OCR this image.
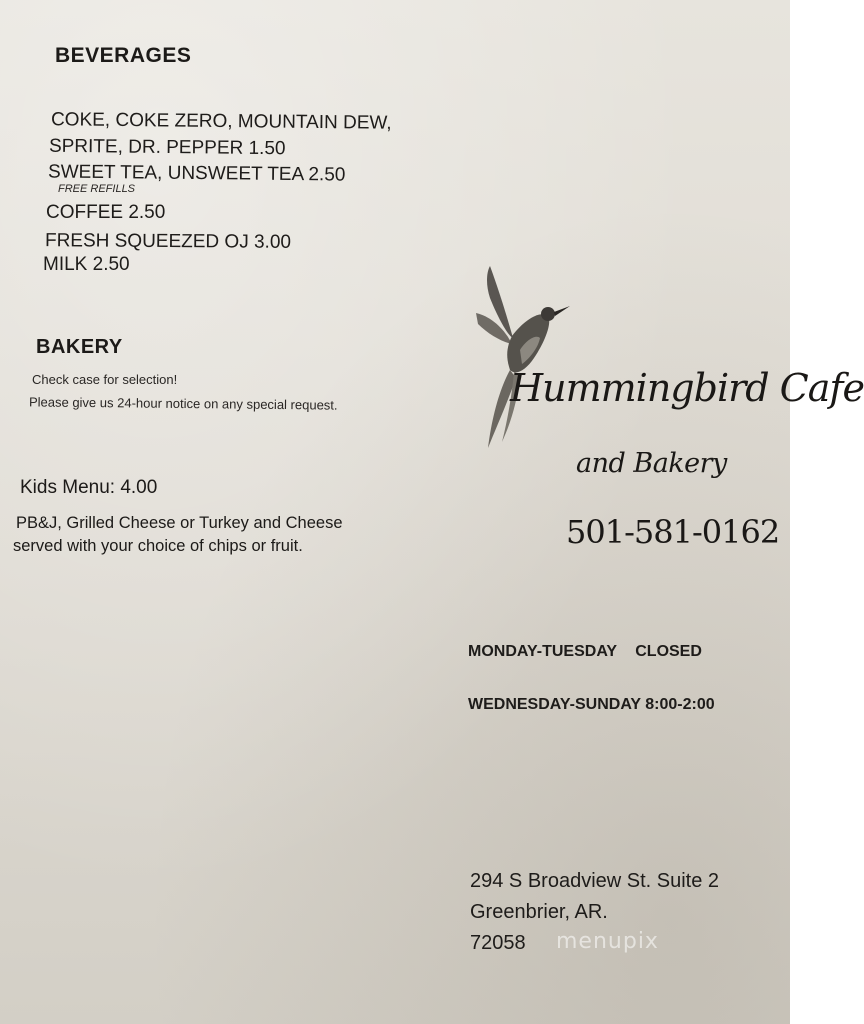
BEVERAGES
COKE, COKE ZERO, MOUNTAIN DEW,
SPRITE, DR. PEPPER 1.50
SWEET TEA, UNSWEET TEA 2.50
FREE REFILLS
COFFEE 2.50
FRESH SQUEEZED OJ 3.00
MILK 2.50
BAKERY
Check case for selection!
Please give us 24-hour notice on any special request.
Kids Menu: 4.00
PB&J, Grilled Cheese or Turkey and Cheese
served with your choice of chips or fruit.
Hummingbird Cafe
and Bakery
501-581-0162
MONDAY-TUESDAY CLOSED
WEDNESDAY-SUNDAY 8:00-2:00
294 S Broadview St. Suite 2
Greenbrier, AR.
72058 menupix
